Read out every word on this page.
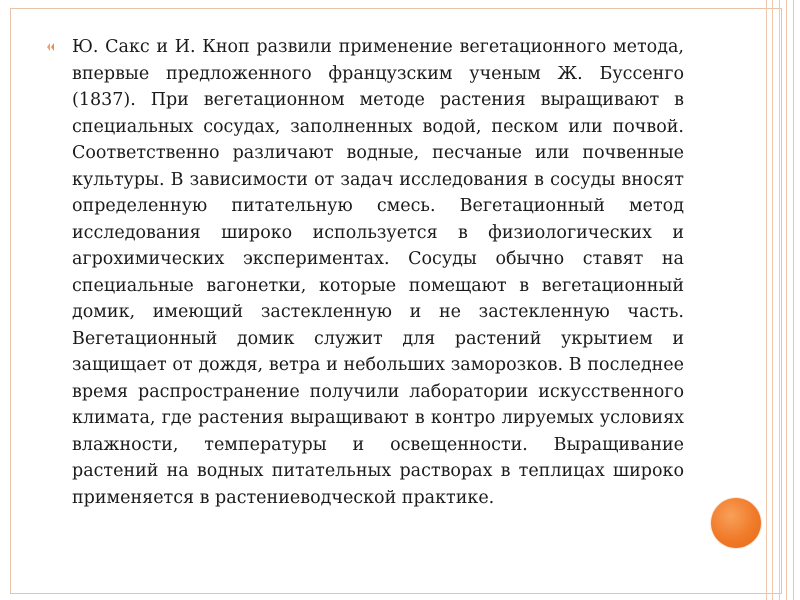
Ю. Сакс и И. Кноп развили применение вегетационного метода, впервые предложенного французским ученым Ж. Буссенго (1837). При вегетационном методе растения выращивают в специальных сосудах, заполненных водой, песком или почвой. Соответственно различают водные, песчаные или почвенные культуры. В зависимости от задач исследования в сосуды вносят определенную питательную смесь. Вегетационный метод исследования широко используется в физиологических и агрохимических экспериментах. Сосуды обычно ставят на специальные вагонетки, которые помещают в вегетационный домик, имеющий застекленную и не застекленную часть. Вегетационный домик служит для растений укрытием и защищает от дождя, ветра и небольших заморозков. В последнее время распространение получили лаборатории искусственного климата, где растения выращивают в контро лируемых условиях влажности, температуры и освещенности. Выращивание растений на водных питательных растворах в теплицах широко применяется в растениеводческой практике.
